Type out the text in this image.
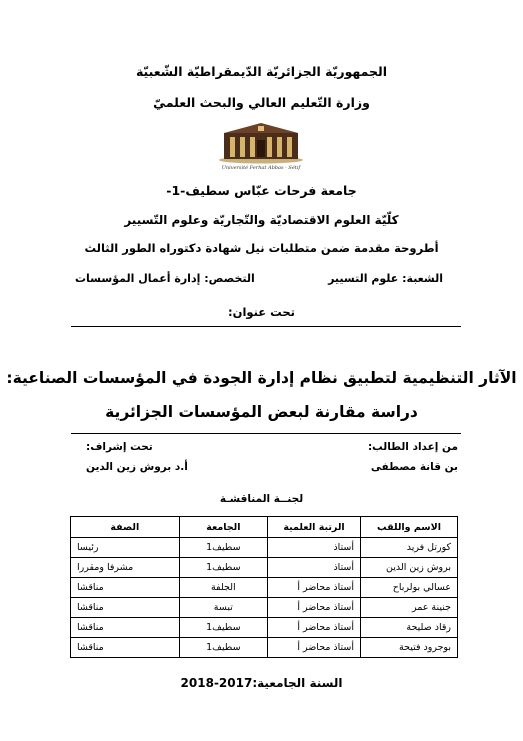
الجمهوريّة الجزائريّة الدّيمقراطيّة الشّعبيّة
وزارة التّعليم العالي والبحث العلميّ
Université Ferhat Abbas - Sétif
جامعة فرحات عبّاس سطيف-1-
كلّيّة العلوم الاقتصاديّة والتّجاريّة وعلوم التّسيير
أطروحة مقدمة ضمن متطلبات نيل شهادة دكتوراه الطور الثالث
الشعبة: علوم التسيير
التخصص: إدارة أعمال المؤسسات
تحت عنوان:
الآثار التنظيمية لتطبيق نظام إدارة الجودة في المؤسسات الصناعية:
دراسة مقارنة لبعض المؤسسات الجزائرية
من إعداد الطالب:
بن قانة مصطفى
تحت إشراف:
أ.د بروش زين الدين
لجنــة المناقشـة
الاسم واللقب	الرتبة العلمية	الجامعة	الصفة
كورتل فريد	أستاذ	سطيف1	رئيسا
بروش زين الدين	أستاذ	سطيف1	مشرفا ومقررا
عسالي بولرباح	أستاذ محاضر أ	الجلفة	مناقشا
جنينة عمر	أستاذ محاضر أ	تبسة	مناقشا
رقاد صليحة	أستاذ محاضر أ	سطيف1	مناقشا
بوجرود فتيحة	أستاذ محاضر أ	سطيف1	مناقشا
السنة الجامعية:2017-2018
